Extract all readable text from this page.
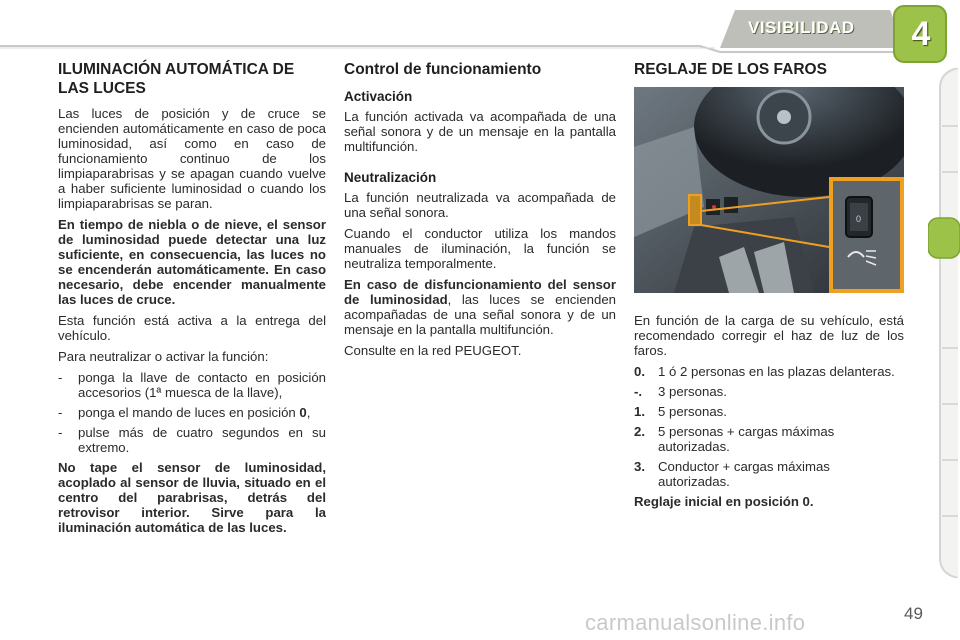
VISIBILIDAD	4
ILUMINACIÓN AUTOMÁTICA DE LAS LUCES

Las luces de posición y de cruce se encienden automáticamente en caso de poca luminosidad, así como en caso de funcionamiento continuo de los limpiaparabrisas y se apagan cuando vuelve a haber suficiente luminosidad o cuando los limpiaparabrisas se paran.

En tiempo de niebla o de nieve, el sensor de luminosidad puede detectar una luz suficiente, en consecuencia, las luces no se encenderán automáticamente. En caso necesario, debe encender manualmente las luces de cruce.

Esta función está activa a la entrega del vehículo.

Para neutralizar o activar la función:

-	ponga la llave de contacto en posición accesorios (1ª muesca de la llave),
-	ponga el mando de luces en posición 0,
-	pulse más de cuatro segundos en su extremo.

No tape el sensor de luminosidad, acoplado al sensor de lluvia, situado en el centro del parabrisas, detrás del retrovisor interior. Sirve para la iluminación automática de las luces.

Control de funcionamiento
Activación

La función activada va acompañada de una señal sonora y de un mensaje en la pantalla multifunción.

Neutralización

La función neutralizada va acompañada de una señal sonora.

Cuando el conductor utiliza los mandos manuales de iluminación, la función se neutraliza temporalmente.

En caso de disfuncionamiento del sensor de luminosidad, las luces se encienden acompañadas de una señal sonora y de un mensaje en la pantalla multifunción.

Consulte en la red PEUGEOT.

REGLAJE DE LOS FAROS
0

En función de la carga de su vehículo, está recomendado corregir el haz de luz de los faros.

0. 1 ó 2 personas en las plazas delanteras.
-.	3 personas.
1. 5 personas.
2. 5 personas + cargas máximas autorizadas.
3. Conductor + cargas máximas autorizadas.

Reglaje inicial en posición 0.

49
carmanualsonline.info
